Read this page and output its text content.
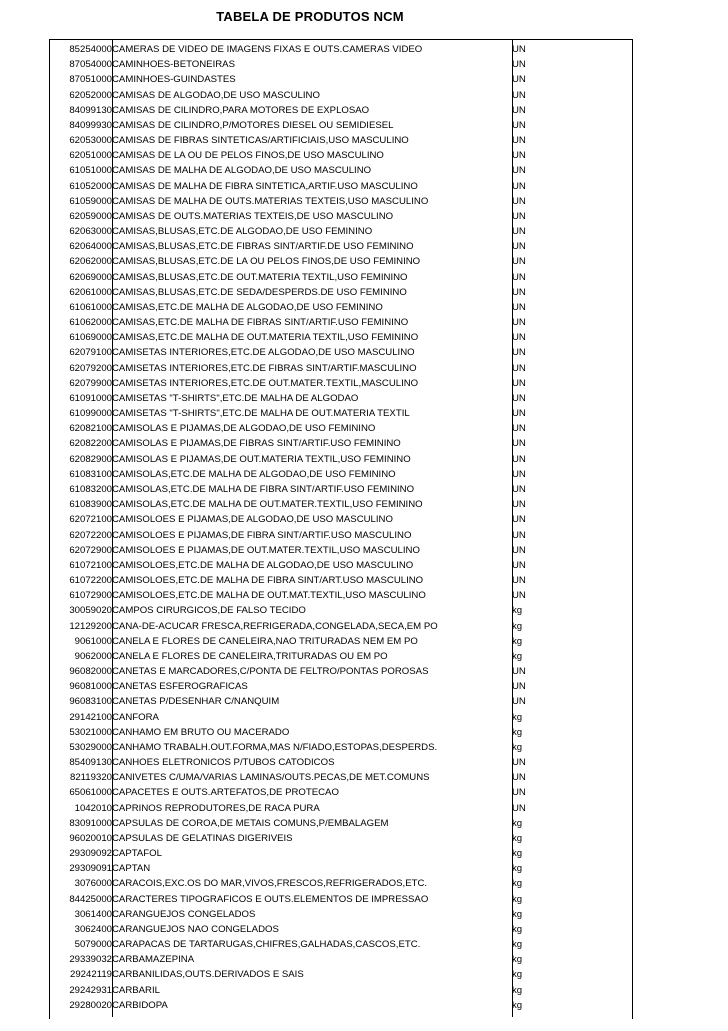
TABELA DE PRODUTOS NCM
85254000	CAMERAS DE VIDEO DE IMAGENS FIXAS E OUTS.CAMERAS VIDEO	UN
87054000	CAMINHOES-BETONEIRAS	UN
87051000	CAMINHOES-GUINDASTES	UN
62052000	CAMISAS DE ALGODAO,DE USO MASCULINO	UN
84099130	CAMISAS DE CILINDRO,PARA MOTORES DE EXPLOSAO	UN
84099930	CAMISAS DE CILINDRO,P/MOTORES DIESEL OU SEMIDIESEL	UN
62053000	CAMISAS DE FIBRAS SINTETICAS/ARTIFICIAIS,USO MASCULINO	UN
62051000	CAMISAS DE LA OU DE PELOS FINOS,DE USO MASCULINO	UN
61051000	CAMISAS DE MALHA DE ALGODAO,DE USO MASCULINO	UN
61052000	CAMISAS DE MALHA DE FIBRA SINTETICA,ARTIF.USO MASCULINO	UN
61059000	CAMISAS DE MALHA DE OUTS.MATERIAS TEXTEIS,USO MASCULINO	UN
62059000	CAMISAS DE OUTS.MATERIAS TEXTEIS,DE USO MASCULINO	UN
62063000	CAMISAS,BLUSAS,ETC.DE ALGODAO,DE USO FEMININO	UN
62064000	CAMISAS,BLUSAS,ETC.DE FIBRAS SINT/ARTIF.DE USO FEMININO	UN
62062000	CAMISAS,BLUSAS,ETC.DE LA OU PELOS FINOS,DE USO FEMININO	UN
62069000	CAMISAS,BLUSAS,ETC.DE OUT.MATERIA TEXTIL,USO FEMININO	UN
62061000	CAMISAS,BLUSAS,ETC.DE SEDA/DESPERDS.DE USO FEMININO	UN
61061000	CAMISAS,ETC.DE MALHA DE ALGODAO,DE USO FEMININO	UN
61062000	CAMISAS,ETC.DE MALHA DE FIBRAS SINT/ARTIF.USO FEMININO	UN
61069000	CAMISAS,ETC.DE MALHA DE OUT.MATERIA TEXTIL,USO FEMININO	UN
62079100	CAMISETAS INTERIORES,ETC.DE ALGODAO,DE USO MASCULINO	UN
62079200	CAMISETAS INTERIORES,ETC.DE FIBRAS SINT/ARTIF.MASCULINO	UN
62079900	CAMISETAS INTERIORES,ETC.DE OUT.MATER.TEXTIL,MASCULINO	UN
61091000	CAMISETAS "T-SHIRTS",ETC.DE MALHA DE ALGODAO	UN
61099000	CAMISETAS "T-SHIRTS",ETC.DE MALHA DE OUT.MATERIA TEXTIL	UN
62082100	CAMISOLAS E PIJAMAS,DE ALGODAO,DE USO FEMININO	UN
62082200	CAMISOLAS E PIJAMAS,DE FIBRAS SINT/ARTIF.USO FEMININO	UN
62082900	CAMISOLAS E PIJAMAS,DE OUT.MATERIA TEXTIL,USO FEMININO	UN
61083100	CAMISOLAS,ETC.DE MALHA DE ALGODAO,DE USO FEMININO	UN
61083200	CAMISOLAS,ETC.DE MALHA DE FIBRA SINT/ARTIF.USO FEMININO	UN
61083900	CAMISOLAS,ETC.DE MALHA DE OUT.MATER.TEXTIL,USO FEMININO	UN
62072100	CAMISOLOES E PIJAMAS,DE ALGODAO,DE USO MASCULINO	UN
62072200	CAMISOLOES E PIJAMAS,DE FIBRA SINT/ARTIF.USO MASCULINO	UN
62072900	CAMISOLOES E PIJAMAS,DE OUT.MATER.TEXTIL,USO MASCULINO	UN
61072100	CAMISOLOES,ETC.DE MALHA DE ALGODAO,DE USO MASCULINO	UN
61072200	CAMISOLOES,ETC.DE MALHA DE FIBRA SINT/ART.USO MASCULINO	UN
61072900	CAMISOLOES,ETC.DE MALHA DE OUT.MAT.TEXTIL,USO MASCULINO	UN
30059020	CAMPOS CIRURGICOS,DE FALSO TECIDO	kg
12129200	CANA-DE-ACUCAR FRESCA,REFRIGERADA,CONGELADA,SECA,EM PO	kg
9061000	CANELA E FLORES DE CANELEIRA,NAO TRITURADAS NEM EM PO	kg
9062000	CANELA E FLORES DE CANELEIRA,TRITURADAS OU EM PO	kg
96082000	CANETAS E MARCADORES,C/PONTA DE FELTRO/PONTAS POROSAS	UN
96081000	CANETAS ESFEROGRAFICAS	UN
96083100	CANETAS P/DESENHAR C/NANQUIM	UN
29142100	CANFORA	kg
53021000	CANHAMO EM BRUTO OU MACERADO	kg
53029000	CANHAMO TRABALH.OUT.FORMA,MAS N/FIADO,ESTOPAS,DESPERDS.	kg
85409130	CANHOES ELETRONICOS P/TUBOS CATODICOS	UN
82119320	CANIVETES C/UMA/VARIAS LAMINAS/OUTS.PECAS,DE MET.COMUNS	UN
65061000	CAPACETES E OUTS.ARTEFATOS,DE PROTECAO	UN
1042010	CAPRINOS REPRODUTORES,DE RACA PURA	UN
83091000	CAPSULAS DE COROA,DE METAIS COMUNS,P/EMBALAGEM	kg
96020010	CAPSULAS DE GELATINAS DIGERIVEIS	kg
29309092	CAPTAFOL	kg
29309091	CAPTAN	kg
3076000	CARACOIS,EXC.OS DO MAR,VIVOS,FRESCOS,REFRIGERADOS,ETC.	kg
84425000	CARACTERES TIPOGRAFICOS E OUTS.ELEMENTOS DE IMPRESSAO	kg
3061400	CARANGUEJOS CONGELADOS	kg
3062400	CARANGUEJOS NAO CONGELADOS	kg
5079000	CARAPACAS DE TARTARUGAS,CHIFRES,GALHADAS,CASCOS,ETC.	kg
29339032	CARBAMAZEPINA	kg
29242119	CARBANILIDAS,OUTS.DERIVADOS E SAIS	kg
29242931	CARBARIL	kg
29280020	CARBIDOPA	kg
